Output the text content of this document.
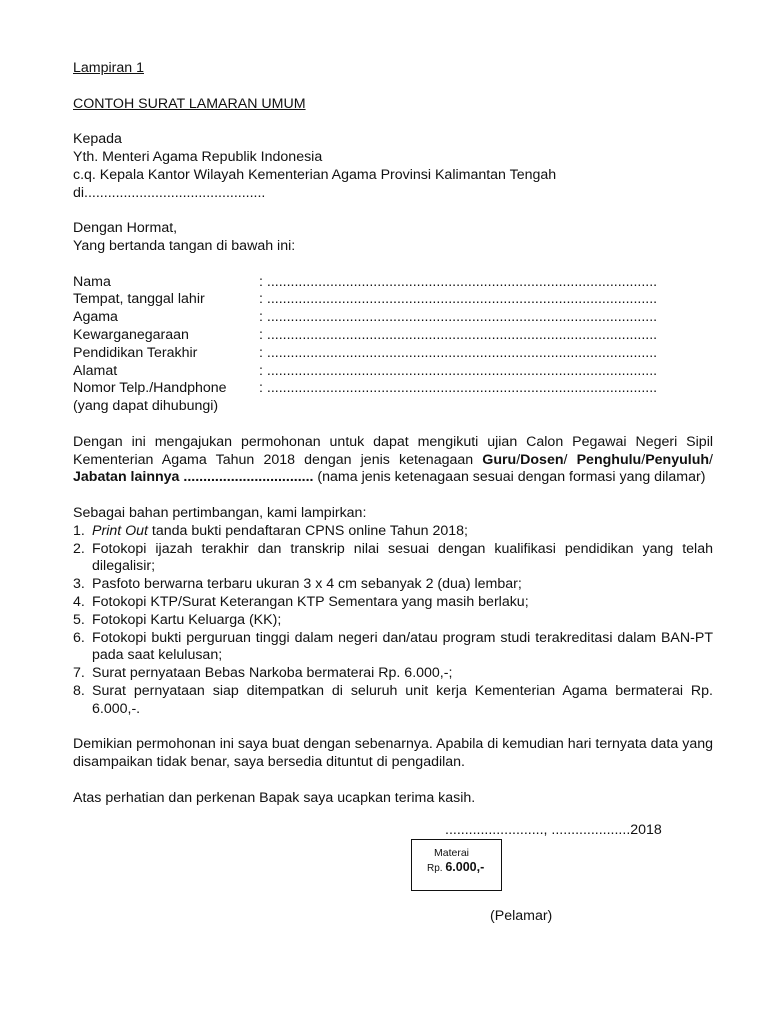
Lampiran 1

CONTOH SURAT LAMARAN UMUM

Kepada

Yth. Menteri Agama Republik Indonesia

c.q. Kepala Kantor Wilayah Kementerian Agama Provinsi Kalimantan Tengah

di..............................................

Dengan Hormat,

Yang bertanda tangan di bawah ini:

Nama	: ...................................................................................................
Tempat, tanggal lahir	: ...................................................................................................
Agama	: ...................................................................................................
Kewarganegaraan	: ...................................................................................................
Pendidikan Terakhir	: ...................................................................................................
Alamat	: ...................................................................................................
Nomor Telp./Handphone	: ...................................................................................................

(yang dapat dihubungi)

Dengan ini mengajukan permohonan untuk dapat mengikuti ujian Calon Pegawai Negeri Sipil Kementerian Agama Tahun 2018 dengan jenis ketenagaan Guru/Dosen/ Penghulu/Penyuluh/ Jabatan lainnya ................................. (nama jenis ketenagaan sesuai dengan formasi yang dilamar)

Sebagai bahan pertimbangan, kami lampirkan:

1. Print Out tanda bukti pendaftaran CPNS online Tahun 2018;
2. Fotokopi ijazah terakhir dan transkrip nilai sesuai dengan kualifikasi pendidikan yang telah dilegalisir;
3. Pasfoto berwarna terbaru ukuran 3 x 4 cm sebanyak 2 (dua) lembar;
4. Fotokopi KTP/Surat Keterangan KTP Sementara yang masih berlaku;
5. Fotokopi Kartu Keluarga (KK);
6. Fotokopi bukti perguruan tinggi dalam negeri dan/atau program studi terakreditasi dalam BAN-PT pada saat kelulusan;
7. Surat pernyataan Bebas Narkoba bermaterai Rp. 6.000,-;
8. Surat pernyataan siap ditempatkan di seluruh unit kerja Kementerian Agama bermaterai Rp. 6.000,-.

Demikian permohonan ini saya buat dengan sebenarnya. Apabila di kemudian hari ternyata data yang disampaikan tidak benar, saya bersedia dituntut di pengadilan.

Atas perhatian dan perkenan Bapak saya ucapkan terima kasih.

........................., ....................2018
Materai
Rp. 6.000,-
(Pelamar)
